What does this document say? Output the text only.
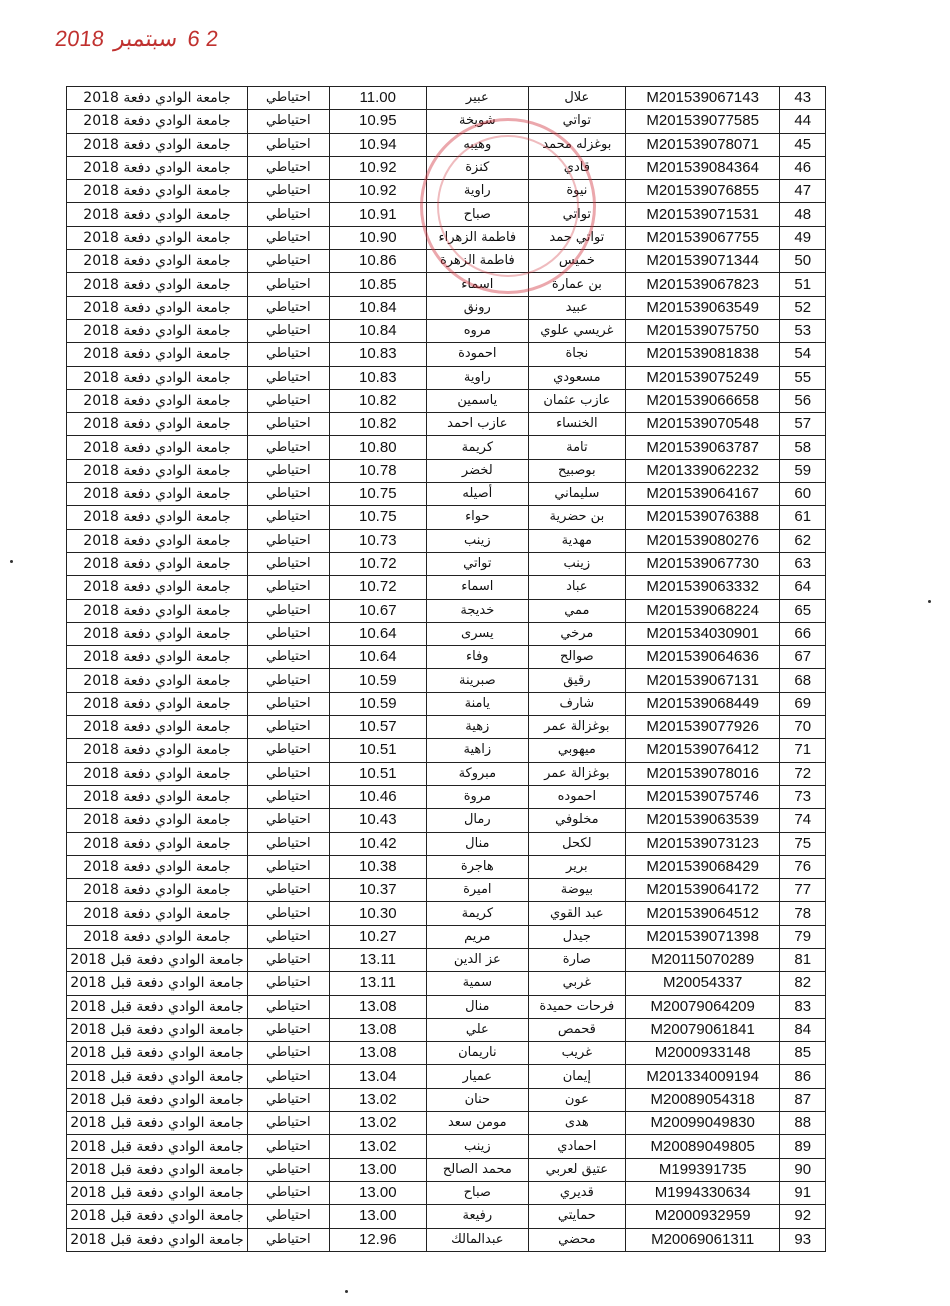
2 6 سبتمبر 2018
جامعة الوادي دفعة 2018	احتياطي	11.00	عبير	علال	M201539067143	43
جامعة الوادي دفعة 2018	احتياطي	10.95	شويخة	تواتي	M201539077585	44
جامعة الوادي دفعة 2018	احتياطي	10.94	وهيبه	بوغزله محمد	M201539078071	45
جامعة الوادي دفعة 2018	احتياطي	10.92	كنزة	قادي	M201539084364	46
جامعة الوادي دفعة 2018	احتياطي	10.92	راوية	نيوة	M201539076855	47
جامعة الوادي دفعة 2018	احتياطي	10.91	صباح	تواتي	M201539071531	48
جامعة الوادي دفعة 2018	احتياطي	10.90	فاطمة الزهراء	تواتي حمد	M201539067755	49
جامعة الوادي دفعة 2018	احتياطي	10.86	فاطمة الزهرة	خميس	M201539071344	50
جامعة الوادي دفعة 2018	احتياطي	10.85	اسماء	بن عمارة	M201539067823	51
جامعة الوادي دفعة 2018	احتياطي	10.84	رونق	عبيد	M201539063549	52
جامعة الوادي دفعة 2018	احتياطي	10.84	مروه	غريسي علوي	M201539075750	53
جامعة الوادي دفعة 2018	احتياطي	10.83	احمودة	نجاة	M201539081838	54
جامعة الوادي دفعة 2018	احتياطي	10.83	راوية	مسعودي	M201539075249	55
جامعة الوادي دفعة 2018	احتياطي	10.82	ياسمين	عازب عثمان	M201539066658	56
جامعة الوادي دفعة 2018	احتياطي	10.82	عازب احمد	الخنساء	M201539070548	57
جامعة الوادي دفعة 2018	احتياطي	10.80	كريمة	تامة	M201539063787	58
جامعة الوادي دفعة 2018	احتياطي	10.78	لخضر	بوصبيح	M201339062232	59
جامعة الوادي دفعة 2018	احتياطي	10.75	أصيله	سليماني	M201539064167	60
جامعة الوادي دفعة 2018	احتياطي	10.75	حواء	بن حضرية	M201539076388	61
جامعة الوادي دفعة 2018	احتياطي	10.73	زينب	مهدية	M201539080276	62
جامعة الوادي دفعة 2018	احتياطي	10.72	تواتي	زينب	M201539067730	63
جامعة الوادي دفعة 2018	احتياطي	10.72	اسماء	عباد	M201539063332	64
جامعة الوادي دفعة 2018	احتياطي	10.67	خديجة	ممي	M201539068224	65
جامعة الوادي دفعة 2018	احتياطي	10.64	يسرى	مرخي	M201534030901	66
جامعة الوادي دفعة 2018	احتياطي	10.64	وفاء	صوالح	M201539064636	67
جامعة الوادي دفعة 2018	احتياطي	10.59	صبرينة	رقيق	M201539067131	68
جامعة الوادي دفعة 2018	احتياطي	10.59	يامنة	شارف	M201539068449	69
جامعة الوادي دفعة 2018	احتياطي	10.57	زهية	بوغزالة عمر	M201539077926	70
جامعة الوادي دفعة 2018	احتياطي	10.51	زاهية	ميهوبي	M201539076412	71
جامعة الوادي دفعة 2018	احتياطي	10.51	مبروكة	بوغزالة عمر	M201539078016	72
جامعة الوادي دفعة 2018	احتياطي	10.46	مروة	احموده	M201539075746	73
جامعة الوادي دفعة 2018	احتياطي	10.43	رمال	مخلوفي	M201539063539	74
جامعة الوادي دفعة 2018	احتياطي	10.42	منال	لكحل	M201539073123	75
جامعة الوادي دفعة 2018	احتياطي	10.38	هاجرة	برير	M201539068429	76
جامعة الوادي دفعة 2018	احتياطي	10.37	اميرة	بيوضة	M201539064172	77
جامعة الوادي دفعة 2018	احتياطي	10.30	كريمة	عبد القوي	M201539064512	78
جامعة الوادي دفعة 2018	احتياطي	10.27	مريم	جيدل	M201539071398	79
جامعة الوادي دفعة قبل 2018	احتياطي	13.11	عز الدين	صارة	M20115070289	81
جامعة الوادي دفعة قبل 2018	احتياطي	13.11	سمية	غربي	M20054337	82
جامعة الوادي دفعة قبل 2018	احتياطي	13.08	منال	فرحات حميدة	M20079064209	83
جامعة الوادي دفعة قبل 2018	احتياطي	13.08	علي	قحمص	M20079061841	84
جامعة الوادي دفعة قبل 2018	احتياطي	13.08	ناريمان	غريب	M2000933148	85
جامعة الوادي دفعة قبل 2018	احتياطي	13.04	عميار	إيمان	M201334009194	86
جامعة الوادي دفعة قبل 2018	احتياطي	13.02	حنان	عون	M20089054318	87
جامعة الوادي دفعة قبل 2018	احتياطي	13.02	مومن سعد	هدى	M20099049830	88
جامعة الوادي دفعة قبل 2018	احتياطي	13.02	زينب	احمادي	M20089049805	89
جامعة الوادي دفعة قبل 2018	احتياطي	13.00	محمد الصالح	عتيق لعربي	M199391735	90
جامعة الوادي دفعة قبل 2018	احتياطي	13.00	صباح	قديري	M1994330634	91
جامعة الوادي دفعة قبل 2018	احتياطي	13.00	رفيعة	حمايتي	M2000932959	92
جامعة الوادي دفعة قبل 2018	احتياطي	12.96	عبدالمالك	محضي	M20069061311	93
